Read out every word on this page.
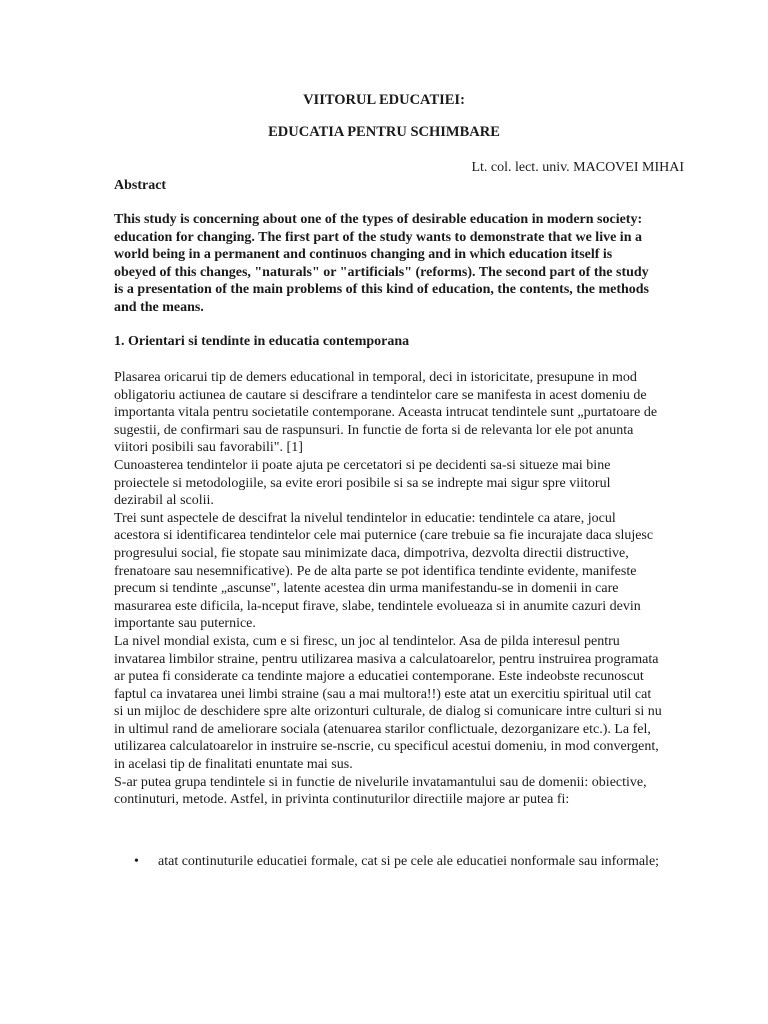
VIITORUL EDUCATIEI:
EDUCATIA PENTRU SCHIMBARE
Lt. col. lect. univ. MACOVEI MIHAI
Abstract
This study is concerning about one of the types of desirable education in modern society: education for changing. The first part of the study wants to demonstrate that we live in a world being in a permanent and continuos changing and in which education itself is obeyed of this changes, "naturals" or "artificials" (reforms). The second part of the study is a presentation of the main problems of this kind of education, the contents, the methods and the means.
1. Orientari si tendinte in educatia contemporana

Plasarea oricarui tip de demers educational in temporal, deci in istoricitate, presupune in mod obligatoriu actiunea de cautare si descifrare a tendintelor care se manifesta in acest domeniu de importanta vitala pentru societatile contemporane. Aceasta intrucat tendintele sunt „purtatoare de sugestii, de confirmari sau de raspunsuri. In functie de forta si de relevanta lor ele pot anunta viitori posibili sau favorabili". [1]

Cunoasterea tendintelor ii poate ajuta pe cercetatori si pe decidenti sa-si situeze mai bine proiectele si metodologiile, sa evite erori posibile si sa se indrepte mai sigur spre viitorul dezirabil al scolii.

Trei sunt aspectele de descifrat la nivelul tendintelor in educatie: tendintele ca atare, jocul acestora si identificarea tendintelor cele mai puternice (care trebuie sa fie incurajate daca slujesc progresului social, fie stopate sau minimizate daca, dimpotriva, dezvolta directii distructive, frenatoare sau nesemnificative). Pe de alta parte se pot identifica tendinte evidente, manifeste precum si tendinte „ascunse", latente acestea din urma manifestandu-se in domenii in care masurarea este dificila, la-nceput firave, slabe, tendintele evolueaza si in anumite cazuri devin importante sau puternice.

La nivel mondial exista, cum e si firesc, un joc al tendintelor. Asa de pilda interesul pentru invatarea limbilor straine, pentru utilizarea masiva a calculatoarelor, pentru instruirea programata ar putea fi considerate ca tendinte majore a educatiei contemporane. Este indeobste recunoscut faptul ca invatarea unei limbi straine (sau a mai multora!!) este atat un exercitiu spiritual util cat si un mijloc de deschidere spre alte orizonturi culturale, de dialog si comunicare intre culturi si nu in ultimul rand de ameliorare sociala (atenuarea starilor conflictuale, dezorganizare etc.). La fel, utilizarea calculatoarelor in instruire se-nscrie, cu specificul acestui domeniu, in mod convergent, in acelasi tip de finalitati enuntate mai sus.

S-ar putea grupa tendintele si in functie de nivelurile invatamantului sau de domenii: obiective, continuturi, metode. Astfel, in privinta continuturilor directiile majore ar putea fi:

• atat continuturile educatiei formale, cat si pe cele ale educatiei nonformale sau informale;
